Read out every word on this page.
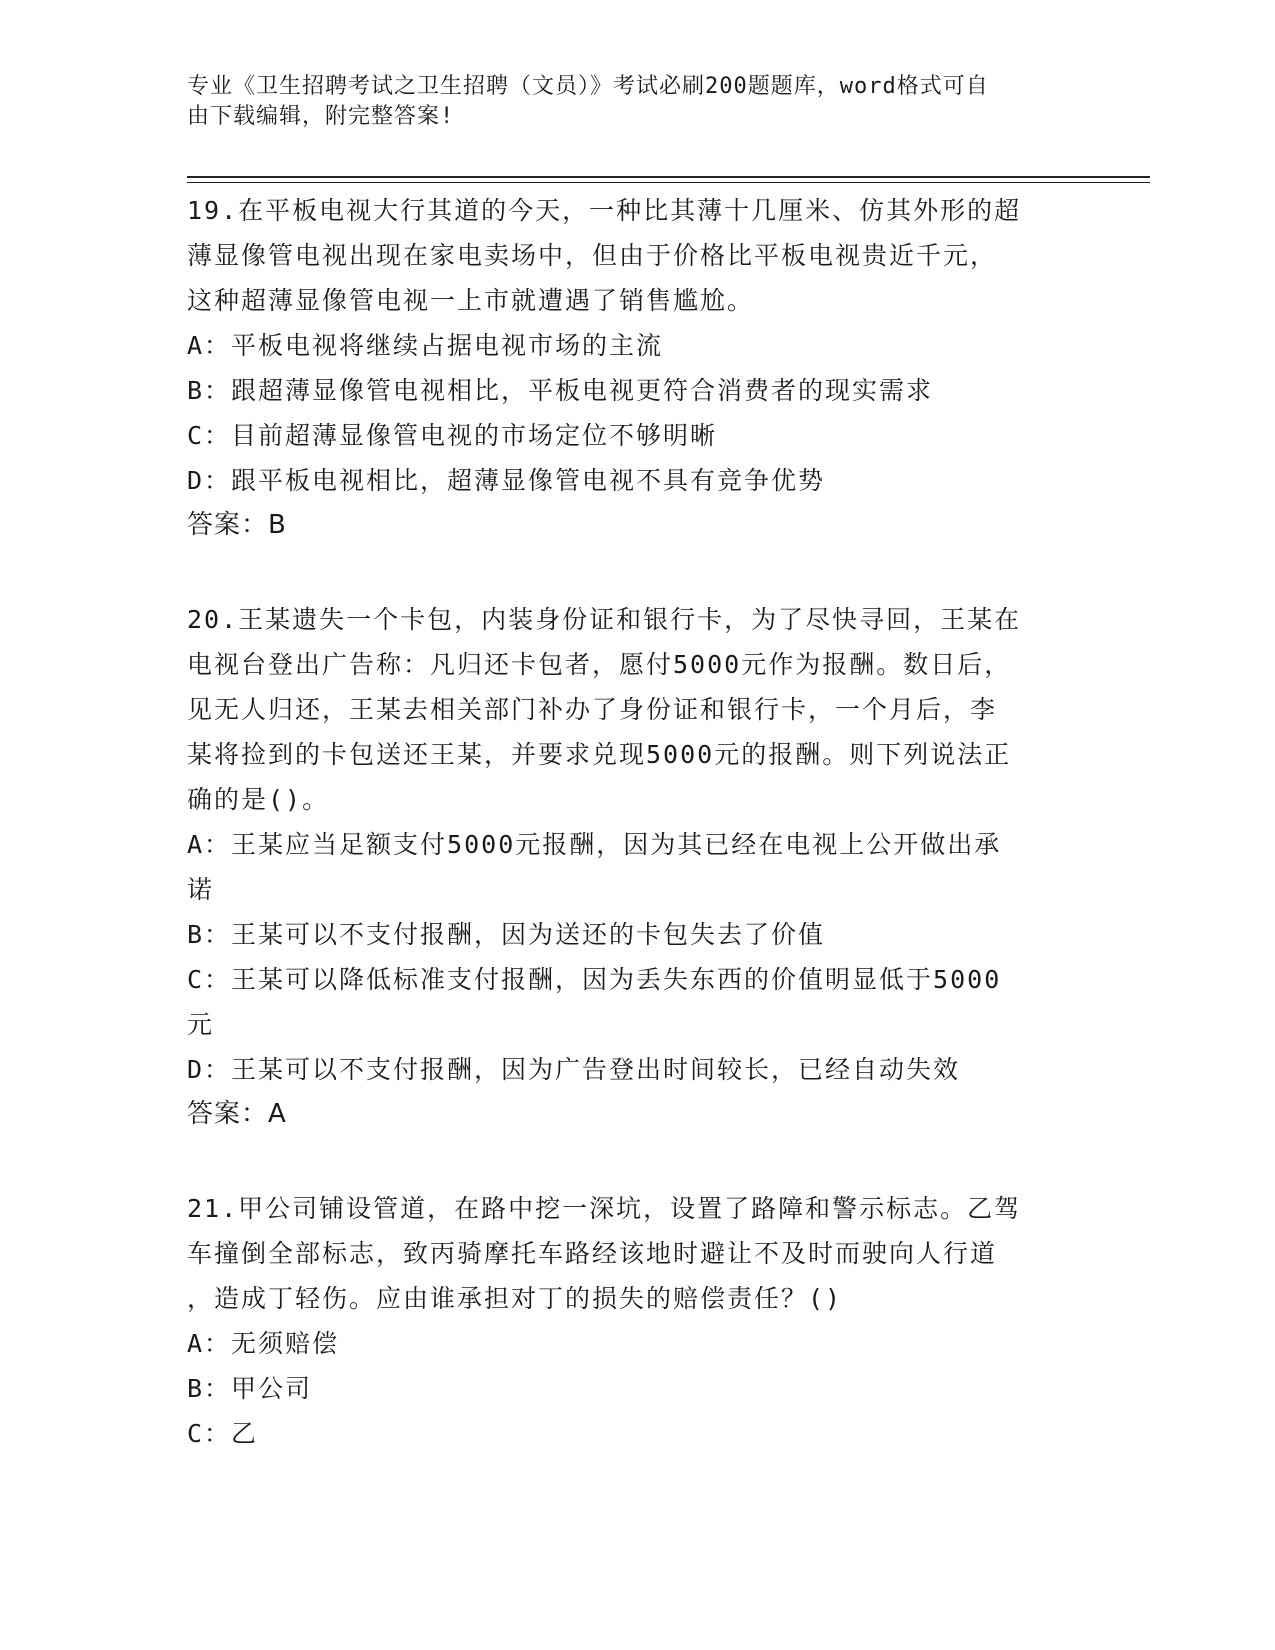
专业《卫生招聘考试之卫生招聘（文员）》考试必刷200题题库，word格式可自
由下载编辑，附完整答案!
19.在平板电视大行其道的今天，一种比其薄十几厘米、仿其外形的超
薄显像管电视出现在家电卖场中，但由于价格比平板电视贵近千元，
这种超薄显像管电视一上市就遭遇了销售尴尬。
A：平板电视将继续占据电视市场的主流
B：跟超薄显像管电视相比，平板电视更符合消费者的现实需求
C：目前超薄显像管电视的市场定位不够明晰
D：跟平板电视相比，超薄显像管电视不具有竞争优势
答案：B
20.王某遗失一个卡包，内装身份证和银行卡，为了尽快寻回，王某在
电视台登出广告称：凡归还卡包者，愿付5000元作为报酬。数日后，
见无人归还，王某去相关部门补办了身份证和银行卡，一个月后，李
某将捡到的卡包送还王某，并要求兑现5000元的报酬。则下列说法正
确的是()。
A：王某应当足额支付5000元报酬，因为其已经在电视上公开做出承
诺
B：王某可以不支付报酬，因为送还的卡包失去了价值
C：王某可以降低标准支付报酬，因为丢失东西的价值明显低于5000
元
D：王某可以不支付报酬，因为广告登出时间较长，已经自动失效
答案：A
21.甲公司铺设管道，在路中挖一深坑，设置了路障和警示标志。乙驾
车撞倒全部标志，致丙骑摩托车路经该地时避让不及时而驶向人行道
，造成丁轻伤。应由谁承担对丁的损失的赔偿责任？()
A：无须赔偿
B：甲公司
C：乙
